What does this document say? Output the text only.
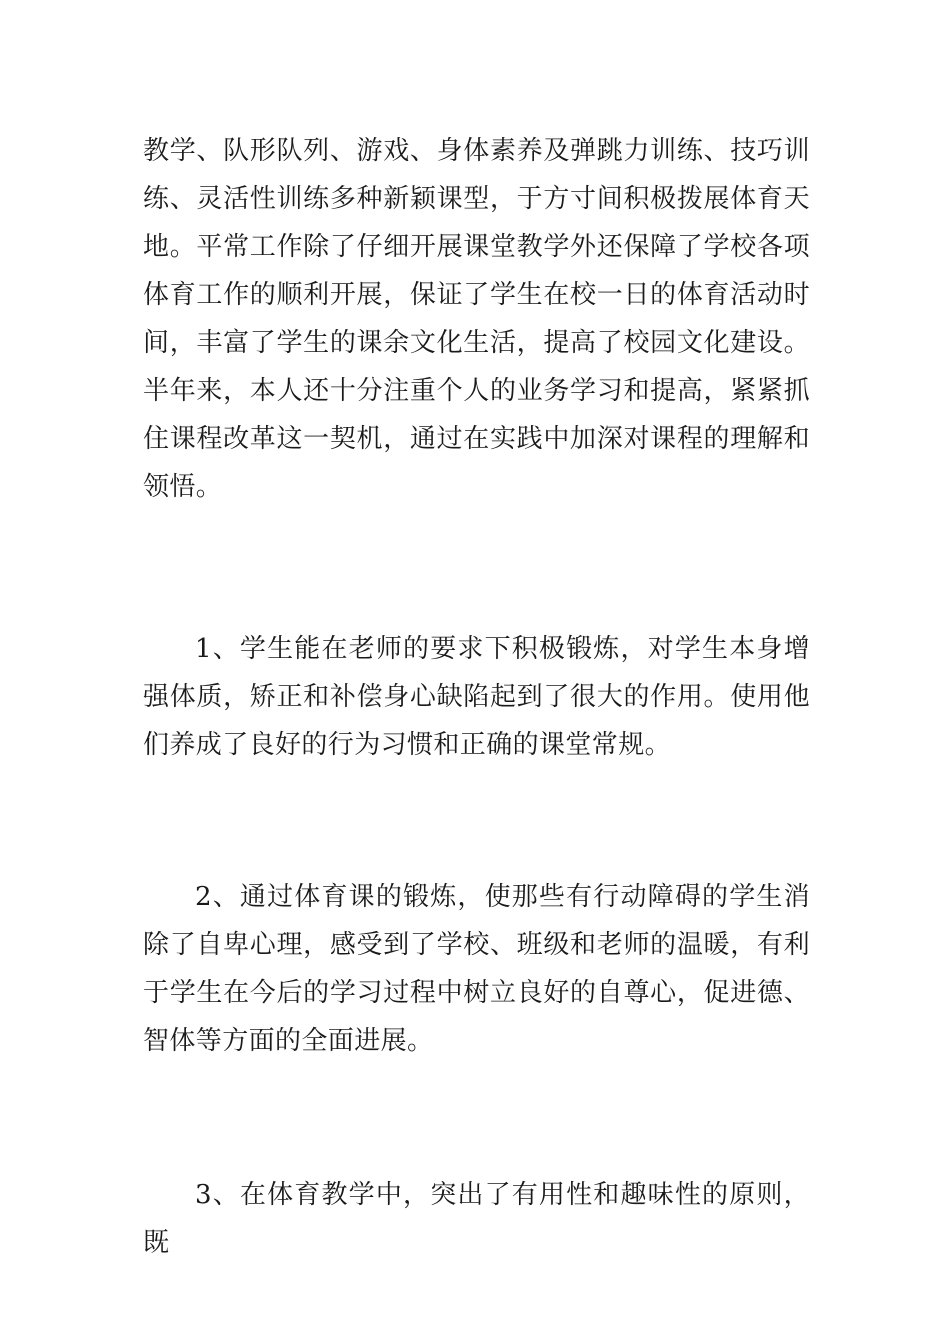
教学、队形队列、游戏、身体素养及弹跳力训练、技巧训练、灵活性训练多种新颖课型，于方寸间积极拨展体育天地。平常工作除了仔细开展课堂教学外还保障了学校各项体育工作的顺利开展，保证了学生在校一日的体育活动时间，丰富了学生的课余文化生活，提高了校园文化建设。半年来，本人还十分注重个人的业务学习和提高，紧紧抓住课程改革这一契机，通过在实践中加深对课程的理解和领悟。

1、学生能在老师的要求下积极锻炼，对学生本身增强体质，矫正和补偿身心缺陷起到了很大的作用。使用他们养成了良好的行为习惯和正确的课堂常规。

2、通过体育课的锻炼，使那些有行动障碍的学生消除了自卑心理，感受到了学校、班级和老师的温暖，有利于学生在今后的学习过程中树立良好的自尊心，促进德、智体等方面的全面进展。

3、在体育教学中，突出了有用性和趣味性的原则，既
